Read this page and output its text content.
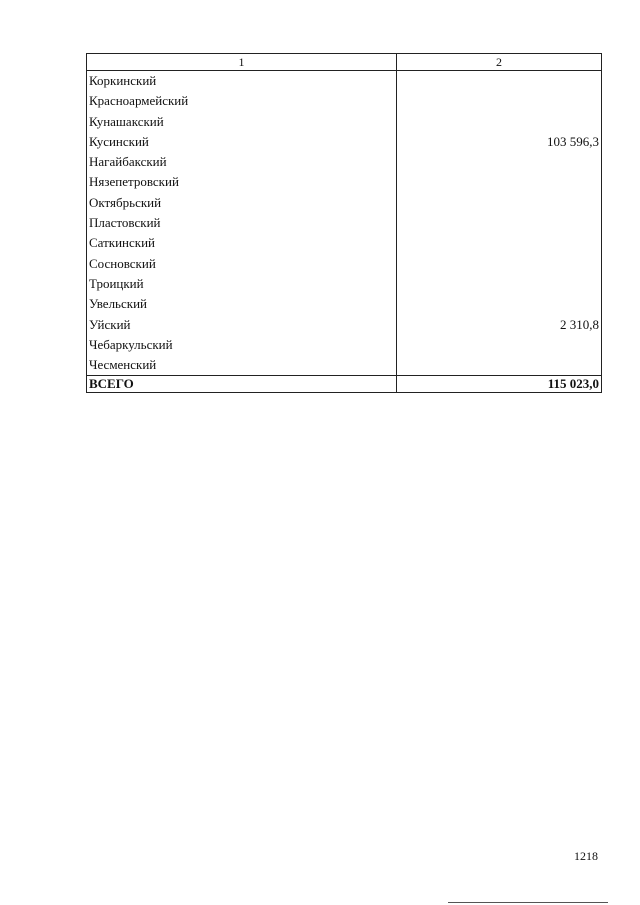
1	2
Коркинский	
Красноармейский	
Кунашакский	
Кусинский	103 596,3
Нагайбакский	
Нязепетровский	
Октябрьский	
Пластовский	
Саткинский	
Сосновский	
Троицкий	
Увельский	
Уйский	2 310,8
Чебаркульский	
Чесменский	
ВСЕГО	115 023,0
1218
